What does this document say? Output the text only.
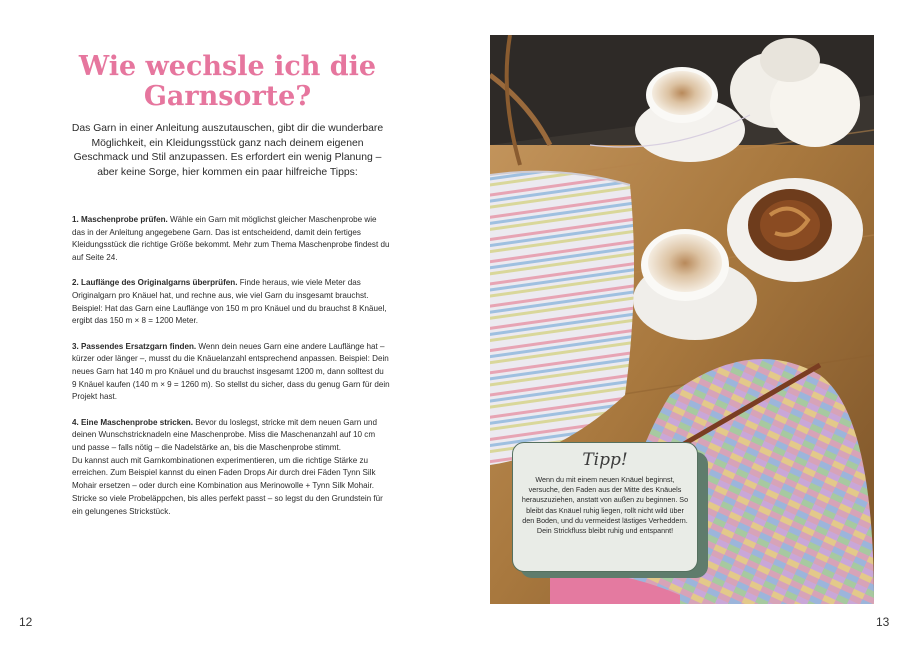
Wie wechsle ich die Garnsorte?

Das Garn in einer Anleitung auszutauschen, gibt dir die wunderbare Möglichkeit, ein Kleidungsstück ganz nach deinem eigenen Geschmack und Stil anzupassen. Es erfordert ein wenig Planung – aber keine Sorge, hier kommen ein paar hilfreiche Tipps:

1. Maschenprobe prüfen. Wähle ein Garn mit möglichst gleicher Maschenprobe wie das in der Anleitung angegebene Garn. Das ist entscheidend, damit dein fertiges Kleidungsstück die richtige Größe bekommt. Mehr zum Thema Maschenprobe findest du auf Seite 24.

2. Lauflänge des Originalgarns überprüfen. Finde heraus, wie viele Meter das Originalgarn pro Knäuel hat, und rechne aus, wie viel Garn du insgesamt brauchst. Beispiel: Hat das Garn eine Lauflänge von 150 m pro Knäuel und du brauchst 8 Knäuel, ergibt das 150 m × 8 = 1200 Meter.

3. Passendes Ersatzgarn finden. Wenn dein neues Garn eine andere Lauflänge hat – kürzer oder länger –, musst du die Knäuelanzahl entsprechend anpassen. Beispiel: Dein neues Garn hat 140 m pro Knäuel und du brauchst insgesamt 1200 m, dann solltest du 9 Knäuel kaufen (140 m × 9 = 1260 m). So stellst du sicher, dass du genug Garn für dein Projekt hast.

4. Eine Maschenprobe stricken. Bevor du loslegst, stricke mit dem neuen Garn und deinen Wunschstricknadeln eine Maschenprobe. Miss die Maschenanzahl auf 10 cm und passe – falls nötig – die Nadelstärke an, bis die Maschenprobe stimmt.

Du kannst auch mit Garnkombinationen experimentieren, um die richtige Stärke zu erreichen. Zum Beispiel kannst du einen Faden Drops Air durch drei Fäden Tynn Silk Mohair ersetzen – oder durch eine Kombination aus Merinowolle + Tynn Silk Mohair.

Stricke so viele Probeläppchen, bis alles perfekt passt – so legst du den Grundstein für ein gelungenes Strickstück.

12
Tipp!

Wenn du mit einem neuen Knäuel beginnst, versuche, den Faden aus der Mitte des Knäuels herauszuziehen, anstatt von außen zu beginnen. So bleibt das Knäuel ruhig liegen, rollt nicht wild über den Boden, und du vermeidest lästiges Verheddern. Dein Strickfluss bleibt ruhig und entspannt!

13
